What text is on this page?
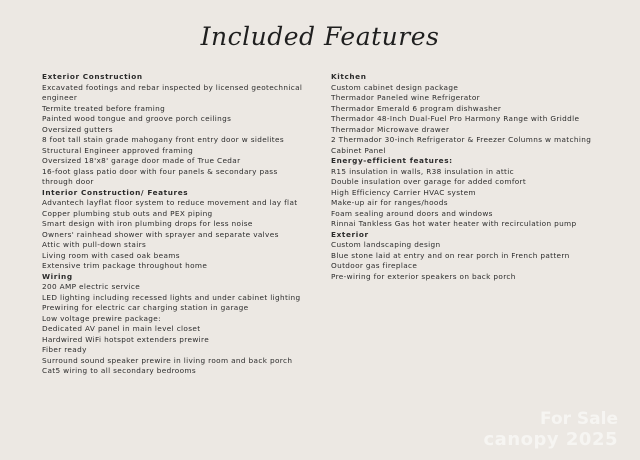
Included Features
Exterior Construction
Excavated footings and rebar inspected by licensed geotechnical engineer
Termite treated before framing
Painted wood tongue and groove porch ceilings
Oversized gutters
8 foot tall stain grade mahogany front entry door w sidelites
Structural Engineer approved framing
Oversized 18'x8' garage door made of True Cedar
16-foot glass patio door with four panels & secondary pass through door
Interior Construction/ Features
Advantech layflat floor system to reduce movement and lay flat
Copper plumbing stub outs and PEX piping
Smart design with iron plumbing drops for less noise
Owners' rainhead shower with sprayer and separate valves
Attic with pull-down stairs
Living room with cased oak beams
Extensive trim package throughout home
Wiring
200 AMP electric service
LED lighting including recessed lights and under cabinet lighting
Prewiring for electric car charging station in garage
Low voltage prewire package:
Dedicated AV panel in main level closet
Hardwired WiFi hotspot extenders prewire
Fiber ready
Surround sound speaker prewire in living room and back porch
Cat5 wiring to all secondary bedrooms
Kitchen
Custom cabinet design package
Thermador Paneled wine Refrigerator
Thermador Emerald 6 program dishwasher
Thermador 48-Inch Dual-Fuel Pro Harmony Range with Griddle
Thermador Microwave drawer
2 Thermador 30-inch Refrigerator & Freezer Columns w matching Cabinet Panel
Energy-efficient features:
R15 insulation in walls, R38 insulation in attic
Double insulation over garage for added comfort
High Efficiency Carrier HVAC system
Make-up air for ranges/hoods
Foam sealing around doors and windows
Rinnai Tankless Gas hot water heater with recirculation pump
Exterior
Custom landscaping design
Blue stone laid at entry and on rear porch in French pattern
Outdoor gas fireplace
Pre-wiring for exterior speakers on back porch
For Sale
canopy 2025
